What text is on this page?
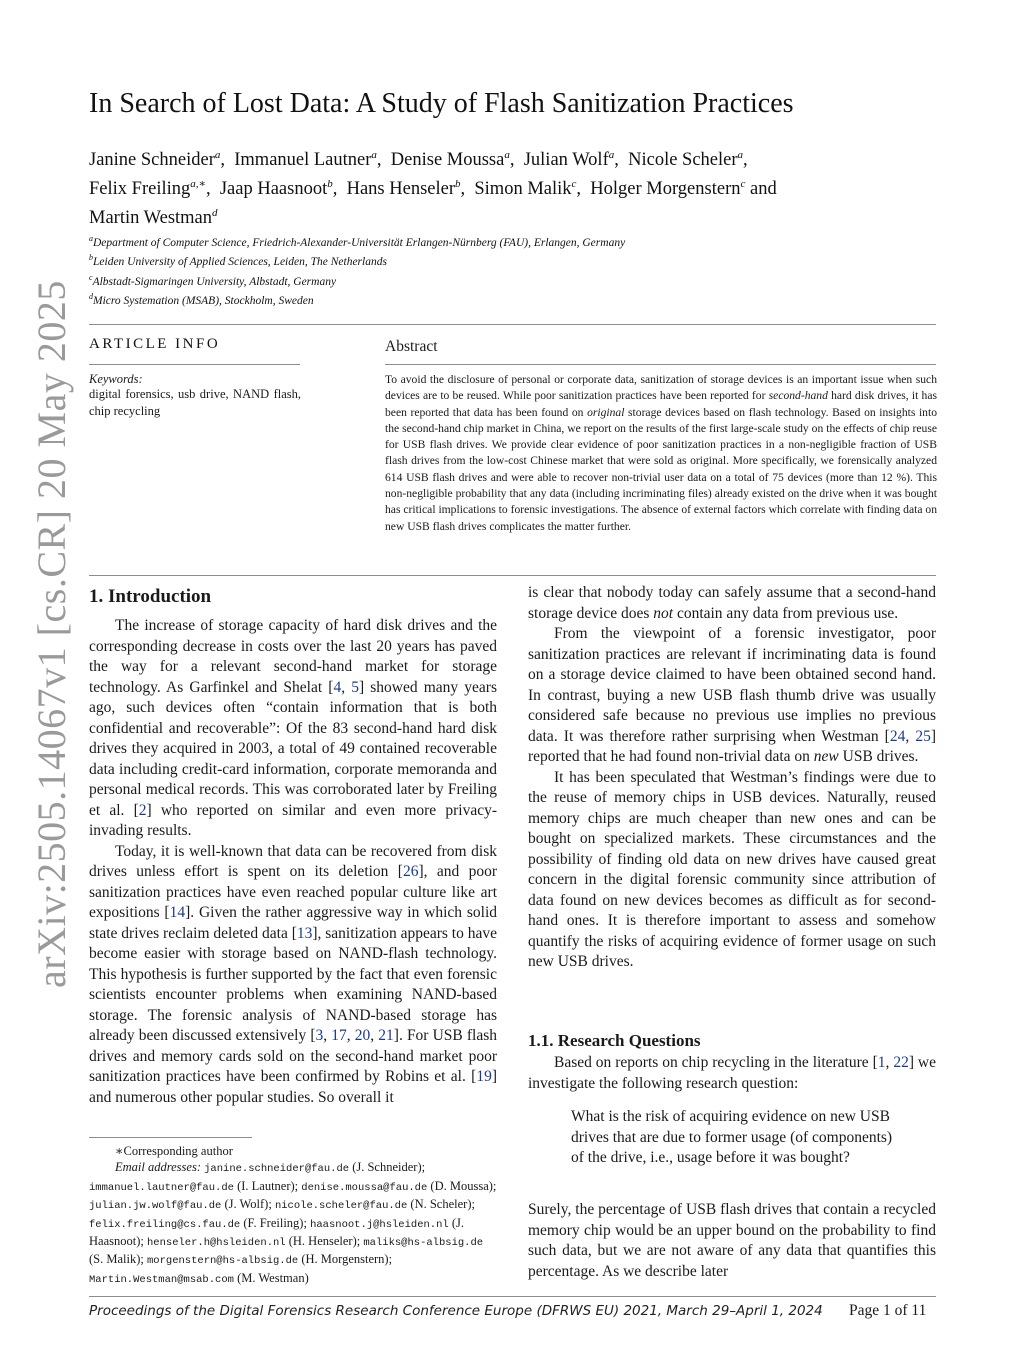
arXiv:2505.14067v1 [cs.CR] 20 May 2025
In Search of Lost Data: A Study of Flash Sanitization Practices
Janine Schneider$^a$,  Immanuel Lautner$^a$,  Denise Moussa$^a$,  Julian Wolf$^a$,  Nicole Scheler$^a$,
Felix Freiling$^{a,∗}$,  Jaap Haasnoot$^b$,  Hans Henseler$^b$,  Simon Malik$^c$,  Holger Morgenstern$^c$ and
Martin Westman$^d$
$^a$Department of Computer Science, Friedrich-Alexander-Universität Erlangen-Nürnberg (FAU), Erlangen, Germany
$^b$Leiden University of Applied Sciences, Leiden, The Netherlands
$^c$Albstadt-Sigmaringen University, Albstadt, Germany
$^d$Micro Systemation (MSAB), Stockholm, Sweden
ARTICLE INFO
Keywords:
digital forensics, usb drive, NAND flash, chip recycling
Abstract
To avoid the disclosure of personal or corporate data, sanitization of storage devices is an important issue when such devices are to be reused. While poor sanitization practices have been reported for second-hand hard disk drives, it has been reported that data has been found on original storage devices based on flash technology. Based on insights into the second-hand chip market in China, we report on the results of the first large-scale study on the effects of chip reuse for USB flash drives. We provide clear evidence of poor sanitization practices in a non-negligible fraction of USB flash drives from the low-cost Chinese market that were sold as original. More specifically, we forensically analyzed 614 USB flash drives and were able to recover non-trivial user data on a total of 75 devices (more than 12 %). This non-negligible probability that any data (including incriminating files) already existed on the drive when it was bought has critical implications to forensic investigations. The absence of external factors which correlate with finding data on new USB flash drives complicates the matter further.
1. Introduction

The increase of storage capacity of hard disk drives and the corresponding decrease in costs over the last 20 years has paved the way for a relevant second-hand market for storage technology. As Garfinkel and Shelat [4, 5] showed many years ago, such devices often “contain information that is both confidential and recoverable”: Of the 83 second-hand hard disk drives they acquired in 2003, a total of 49 contained recoverable data including credit-card information, corporate memoranda and personal medical records. This was corroborated later by Freiling et al. [2] who reported on similar and even more privacy-invading results.

Today, it is well-known that data can be recovered from disk drives unless effort is spent on its deletion [26], and poor sanitization practices have even reached popular culture like art expositions [14]. Given the rather aggressive way in which solid state drives reclaim deleted data [13], sanitization appears to have become easier with storage based on NAND-flash technology. This hypothesis is further supported by the fact that even forensic scientists encounter problems when examining NAND-based storage. The forensic analysis of NAND-based storage has already been discussed extensively [3, 17, 20, 21]. For USB flash drives and memory cards sold on the second-hand market poor sanitization practices have been confirmed by Robins et al. [19] and numerous other popular studies. So overall it

∗Corresponding author

Email addresses: janine.schneider@fau.de (J. Schneider); immanuel.lautner@fau.de (I. Lautner); denise.moussa@fau.de (D. Moussa); julian.jw.wolf@fau.de (J. Wolf); nicole.scheler@fau.de (N. Scheler); felix.freiling@cs.fau.de (F. Freiling); haasnoot.j@hsleiden.nl (J. Haasnoot); henseler.h@hsleiden.nl (H. Henseler); maliks@hs-albsig.de (S. Malik); morgenstern@hs-albsig.de (H. Morgenstern); Martin.Westman@msab.com (M. Westman)

is clear that nobody today can safely assume that a second-hand storage device does not contain any data from previous use.

From the viewpoint of a forensic investigator, poor sanitization practices are relevant if incriminating data is found on a storage device claimed to have been obtained second hand. In contrast, buying a new USB flash thumb drive was usually considered safe because no previous use implies no previous data. It was therefore rather surprising when Westman [24, 25] reported that he had found non-trivial data on new USB drives.

It has been speculated that Westman’s findings were due to the reuse of memory chips in USB devices. Naturally, reused memory chips are much cheaper than new ones and can be bought on specialized markets. These circumstances and the possibility of finding old data on new drives have caused great concern in the digital forensic community since attribution of data found on new devices becomes as difficult as for second-hand ones. It is therefore important to assess and somehow quantify the risks of acquiring evidence of former usage on such new USB drives.

1.1. Research Questions

Based on reports on chip recycling in the literature [1, 22] we investigate the following research question:

What is the risk of acquiring evidence on new USB drives that are due to former usage (of components) of the drive, i.e., usage before it was bought?

Surely, the percentage of USB flash drives that contain a recycled memory chip would be an upper bound on the probability to find such data, but we are not aware of any data that quantifies this percentage. As we describe later

Proceedings of the Digital Forensics Research Conference Europe (DFRWS EU) 2021, March 29–April 1, 2024 Page 1 of 11
